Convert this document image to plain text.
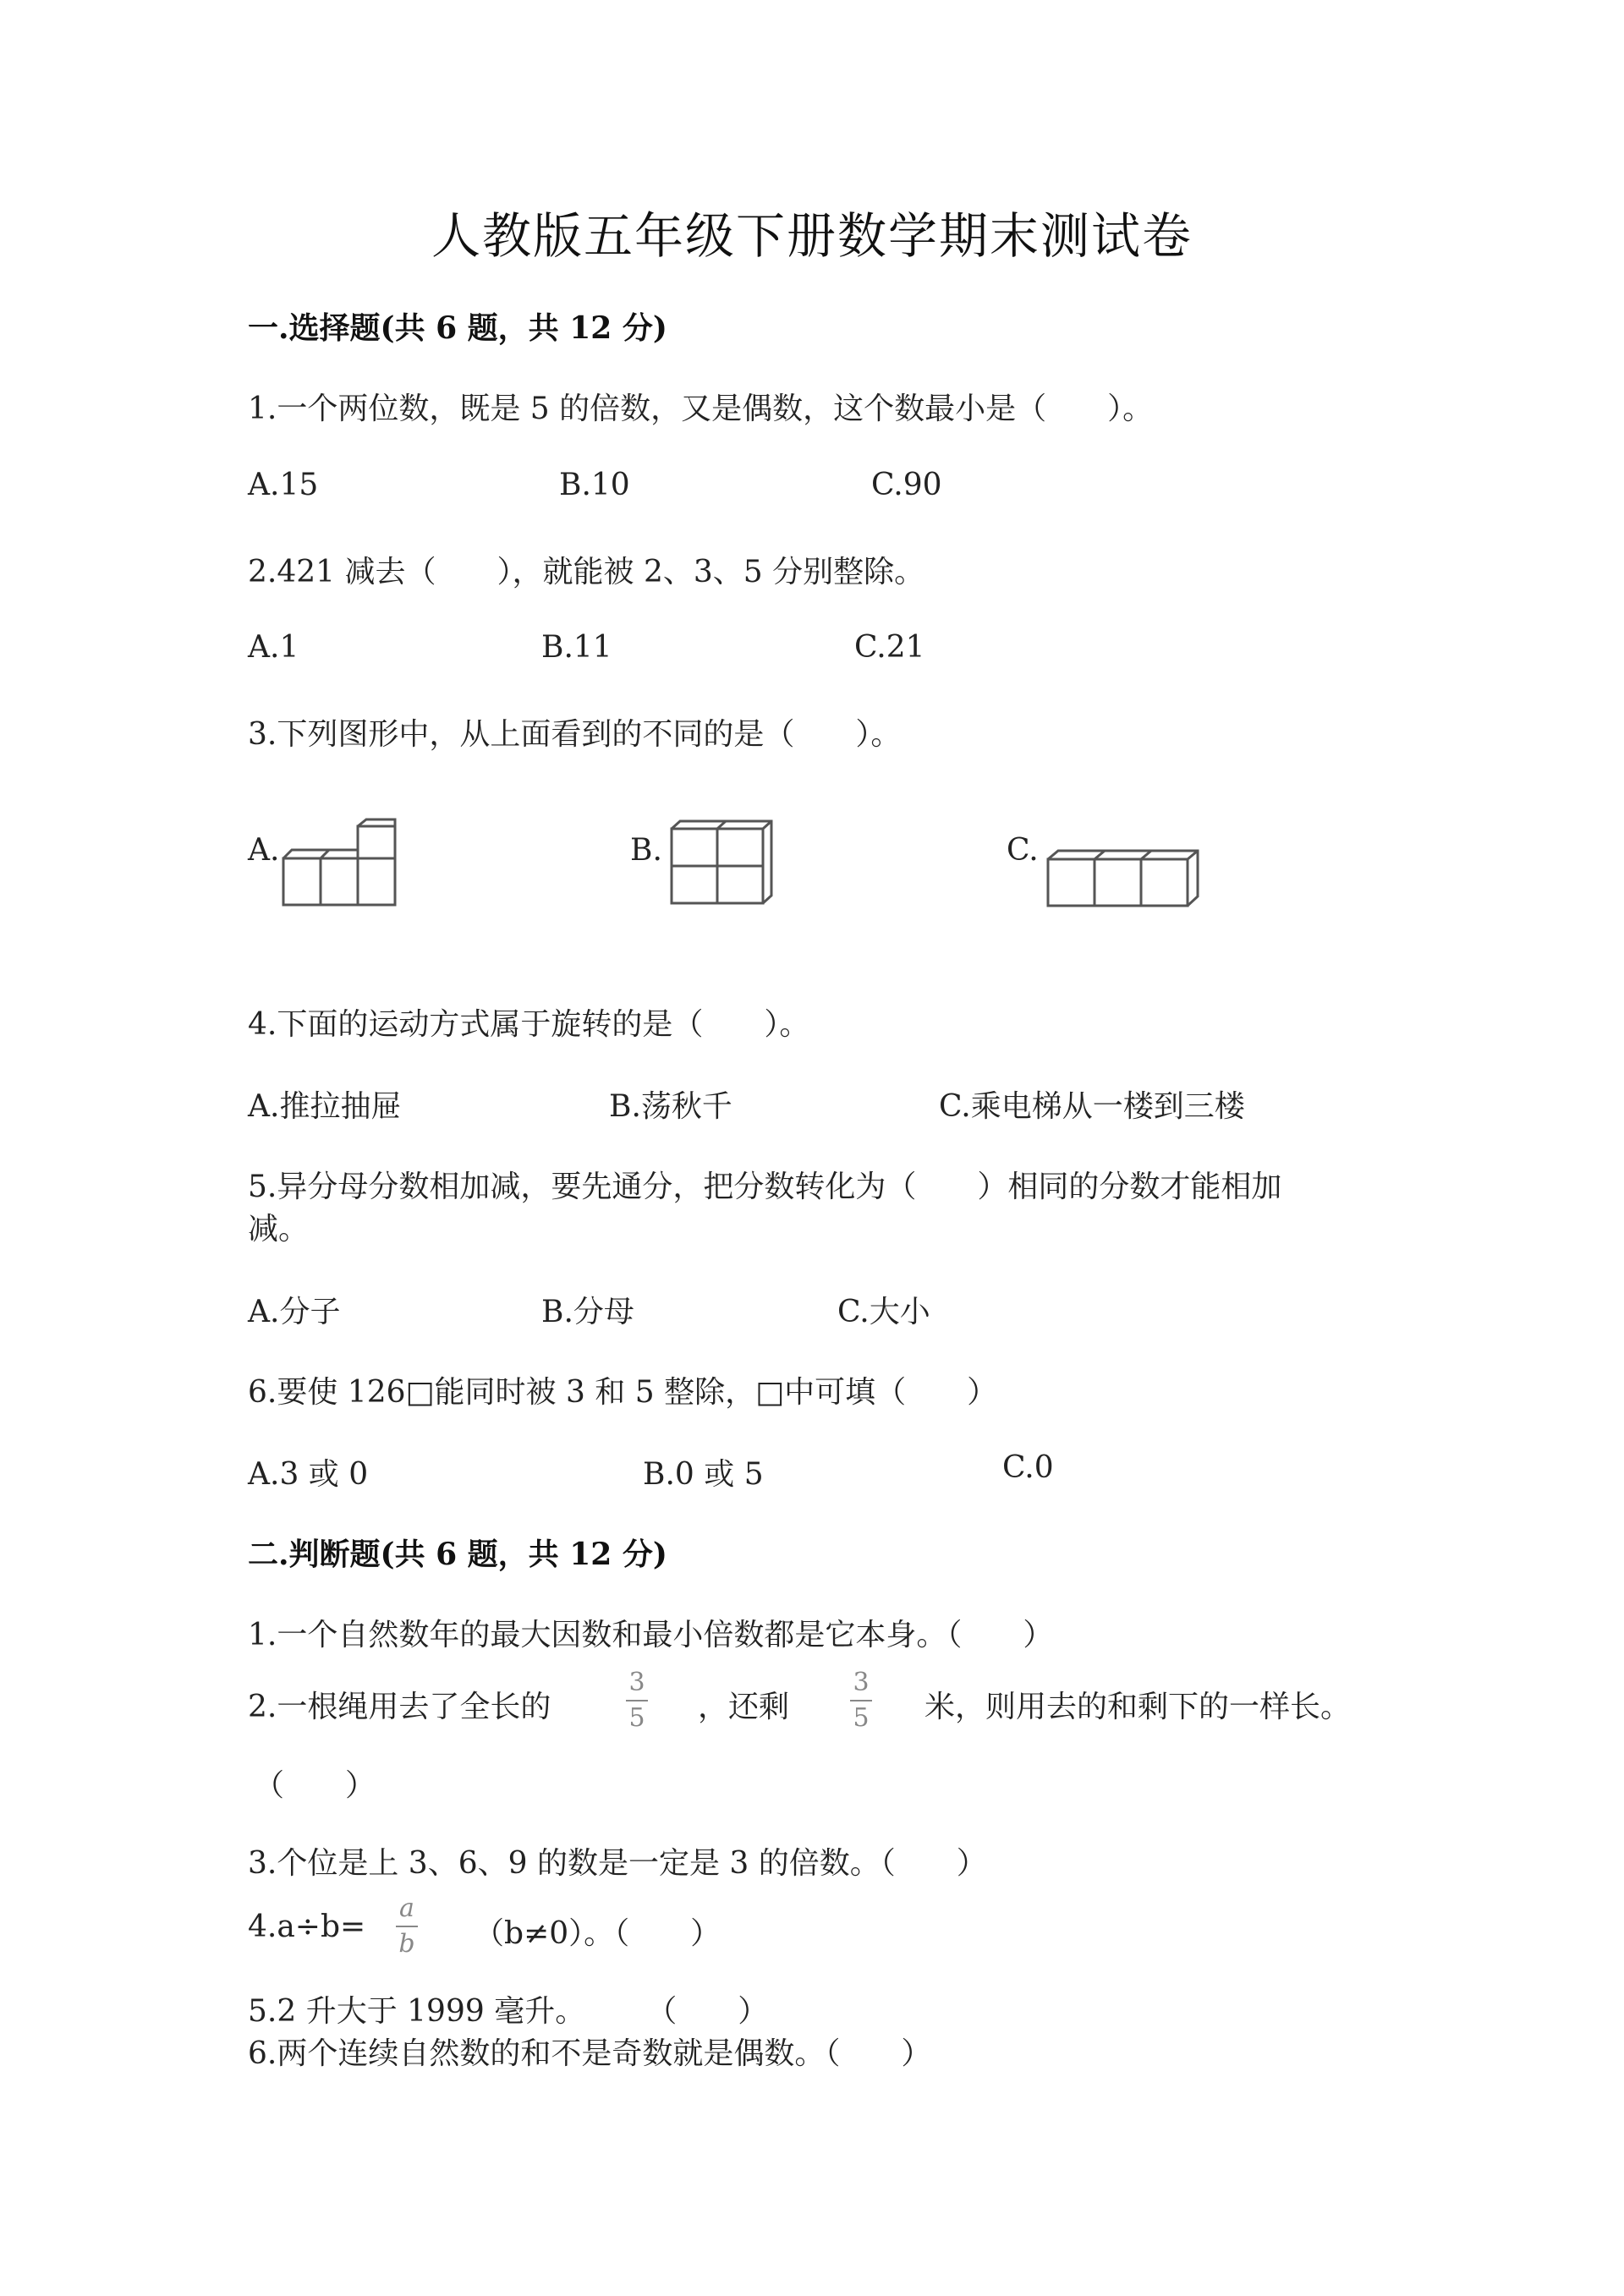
人教版五年级下册数学期末测试卷
一.选择题(共 6 题，共 12 分)
1.一个两位数，既是 5 的倍数，又是偶数，这个数最小是（　　）。
A.15	B.10	C.90
2.421 减去（　　），就能被 2、3、5 分别整除。
A.1	B.11	C.21
3.下列图形中，从上面看到的不同的是（　　）。
A.	B.	C.
4.下面的运动方式属于旋转的是（　　）。
A.推拉抽屉	B.荡秋千	C.乘电梯从一楼到三楼
5.异分母分数相加减，要先通分，把分数转化为（　　）相同的分数才能相加
减。
A.分子	B.分母	C.大小
6.要使 126□能同时被 3 和 5 整除，□中可填（　　）
A.3 或 0	B.0 或 5	C.0
二.判断题(共 6 题，共 12 分)
1.一个自然数年的最大因数和最小倍数都是它本身。（　　）
2.一根绳用去了全长的
3
5 ，还剩
3
5 米，则用去的和剩下的一样长。
（　　）
3.个位是上 3、6、9 的数是一定是 3 的倍数。（　　）
4.a÷b=
a
b （b≠0）。（　　）
5.2 升大于 1999 毫升。　　　（　　）
6.两个连续自然数的和不是奇数就是偶数。（　　）
